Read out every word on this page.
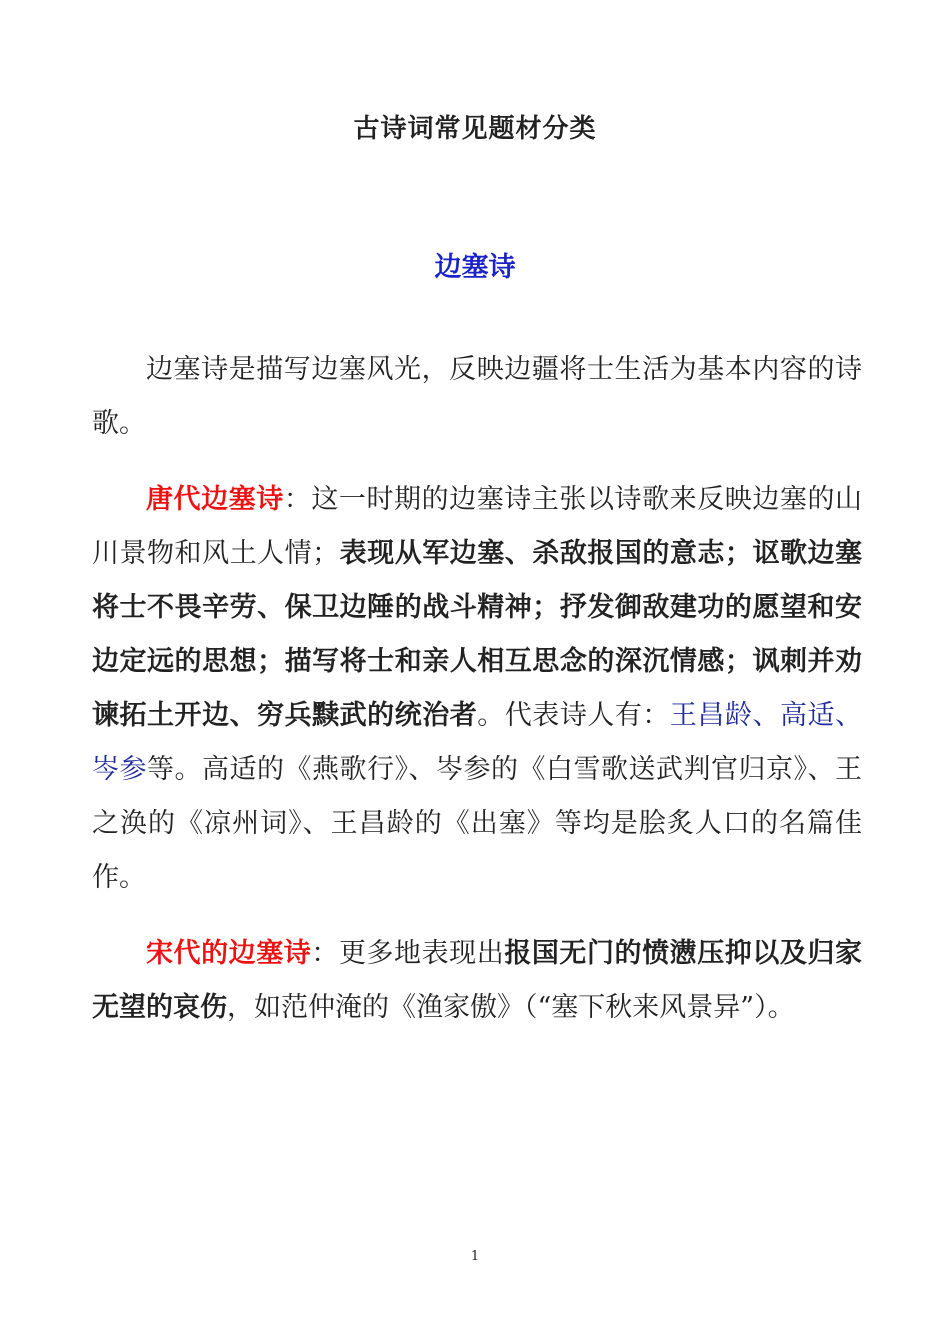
古诗词常见题材分类
边塞诗

边塞诗是描写边塞风光，反映边疆将士生活为基本内容的诗歌。

唐代边塞诗：这一时期的边塞诗主张以诗歌来反映边塞的山川景物和风土人情；表现从军边塞、杀敌报国的意志；讴歌边塞将士不畏辛劳、保卫边陲的战斗精神；抒发御敌建功的愿望和安边定远的思想；描写将士和亲人相互思念的深沉情感；讽刺并劝谏拓土开边、穷兵黩武的统治者。代表诗人有：王昌龄、高适、岑参等。高适的《燕歌行》、岑参的《白雪歌送武判官归京》、王之涣的《凉州词》、王昌龄的《出塞》等均是脍炙人口的名篇佳作。

宋代的边塞诗：更多地表现出报国无门的愤懑压抑以及归家无望的哀伤，如范仲淹的《渔家傲》（“塞下秋来风景异”）。

1
